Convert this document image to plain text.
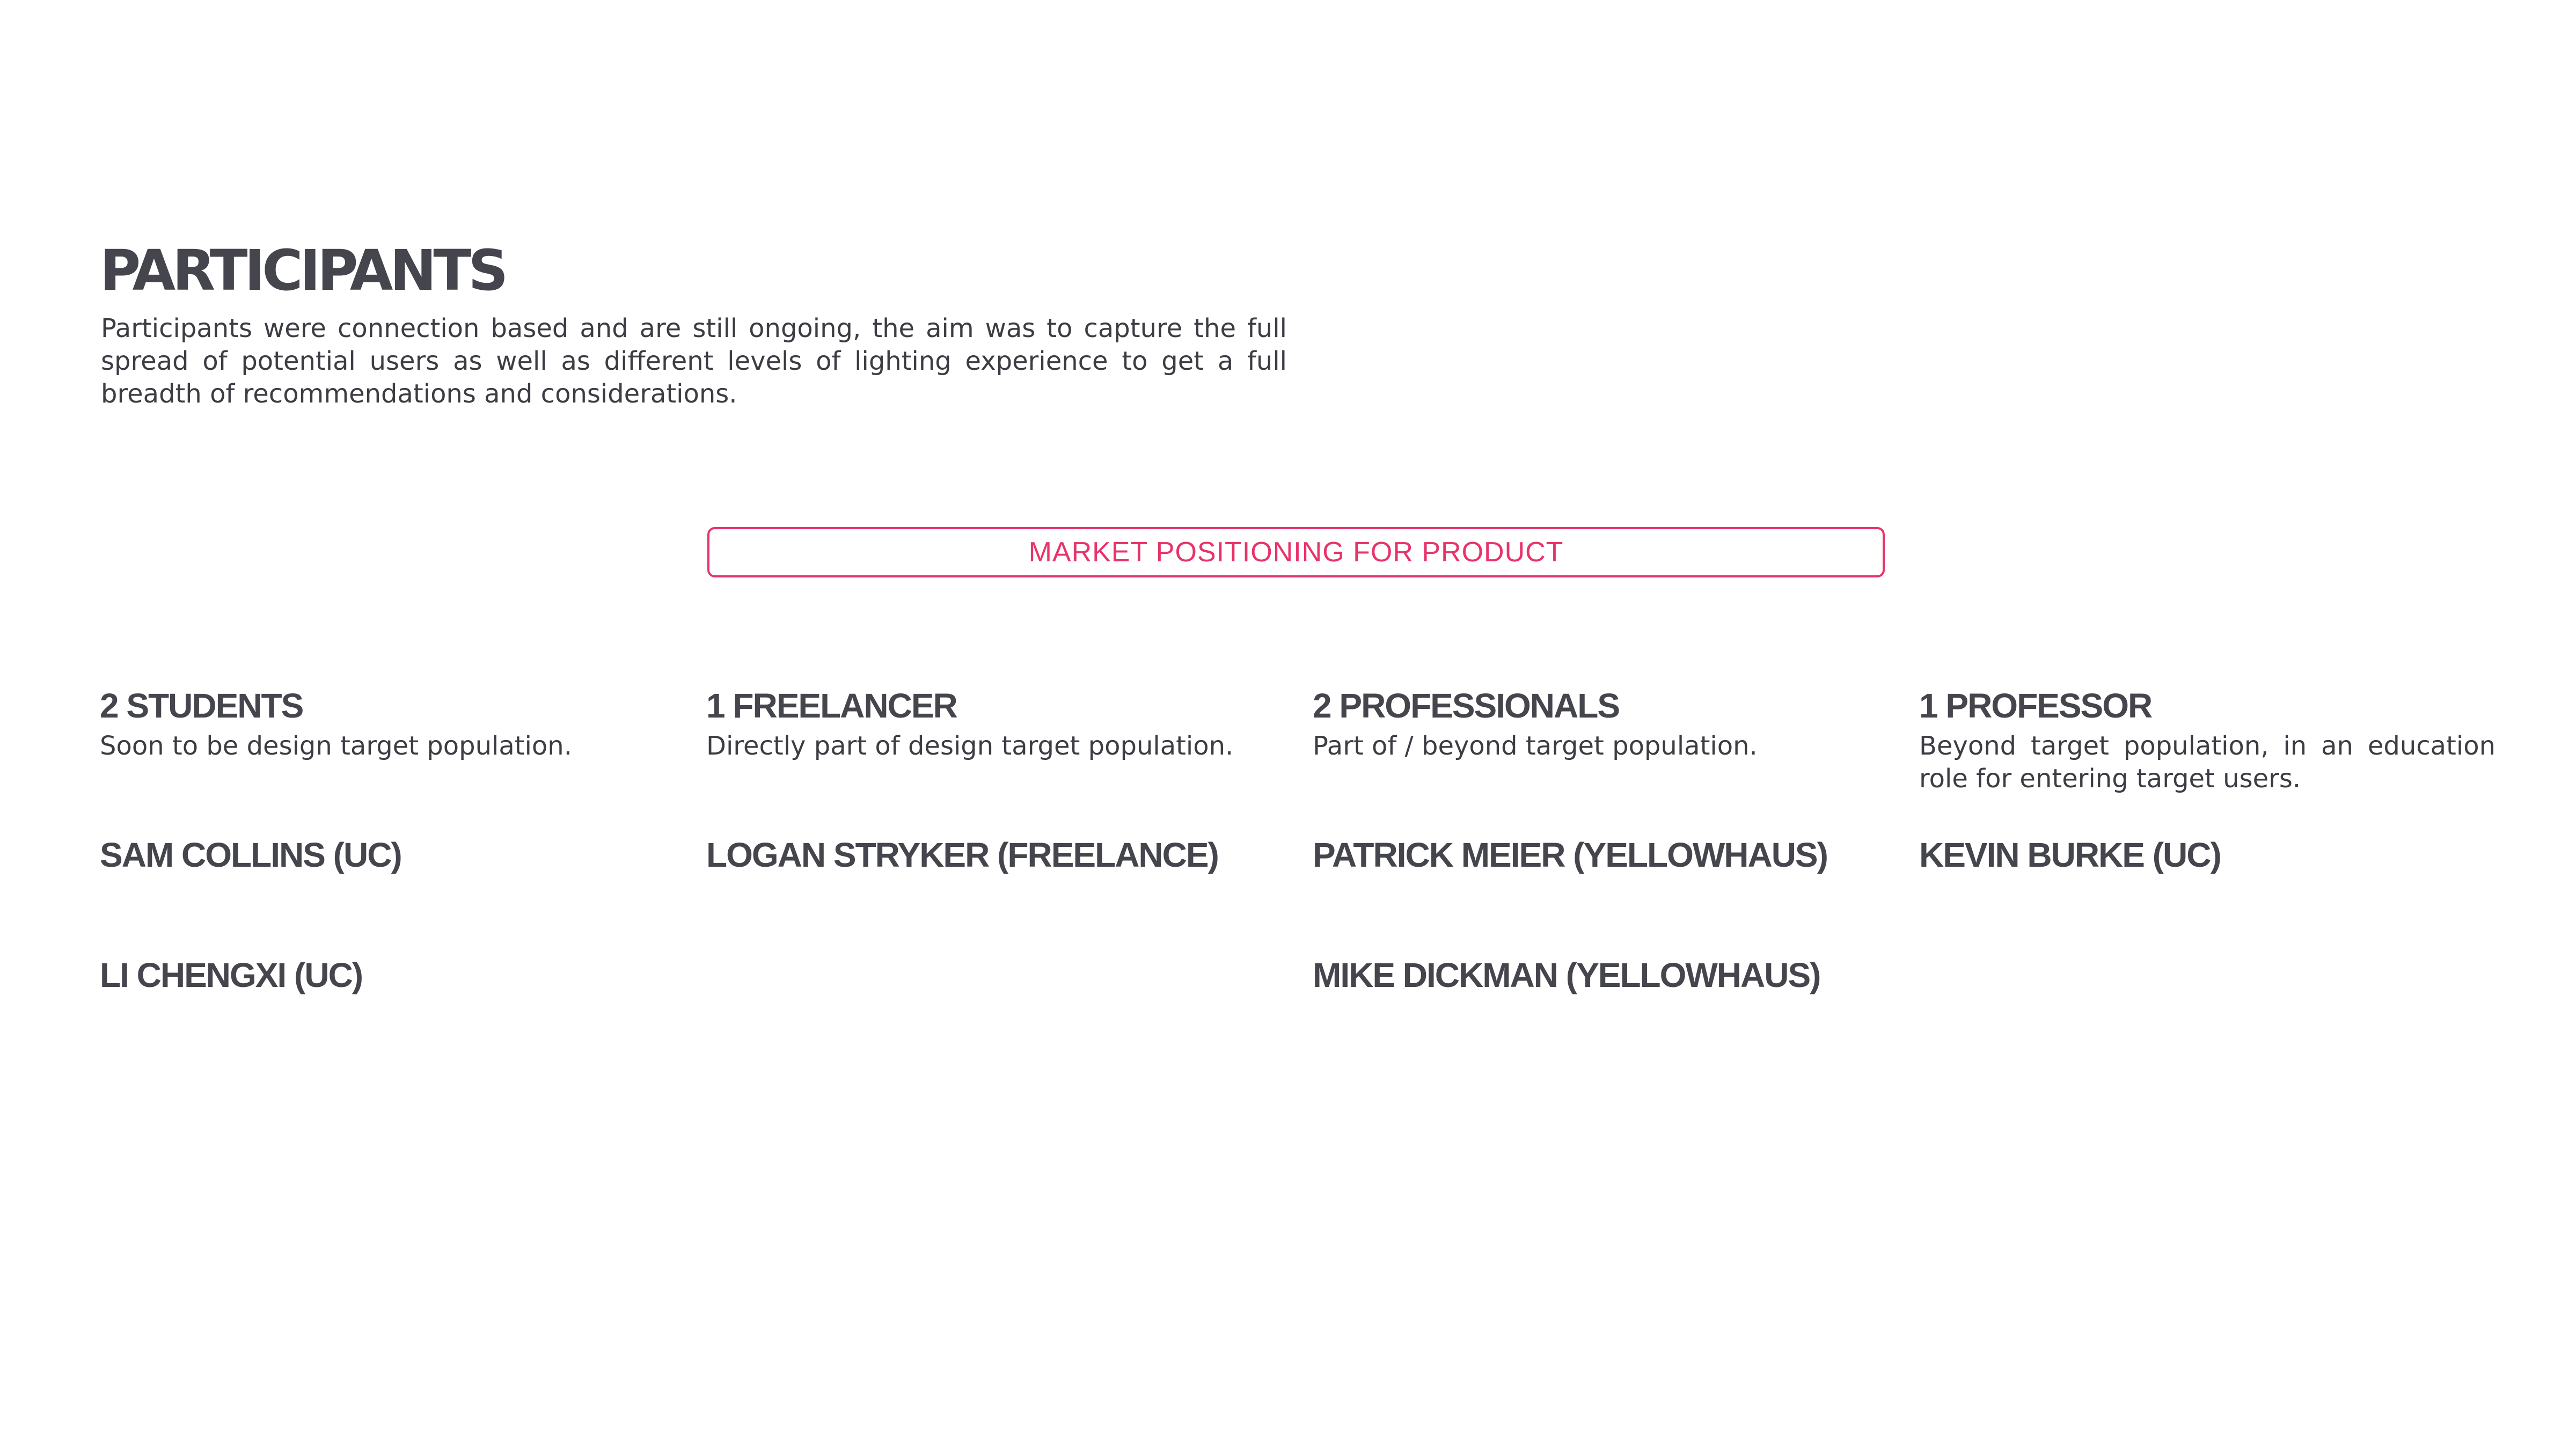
PARTICIPANTS

Participants were connection based and are still ongoing, the aim was to capture the full spread of potential users as well as different levels of lighting experience to get a full breadth of recommendations and considerations.

MARKET POSITIONING FOR PRODUCT
2 STUDENTS

Soon to be design target population.

SAM COLLINS (UC)

LI CHENGXI (UC)

1 FREELANCER

Directly part of design target population.

LOGAN STRYKER (FREELANCE)

2 PROFESSIONALS

Part of / beyond target population.

PATRICK MEIER (YELLOWHAUS)

MIKE DICKMAN (YELLOWHAUS)

1 PROFESSOR

Beyond target population, in an education role for entering target users.

KEVIN BURKE (UC)
